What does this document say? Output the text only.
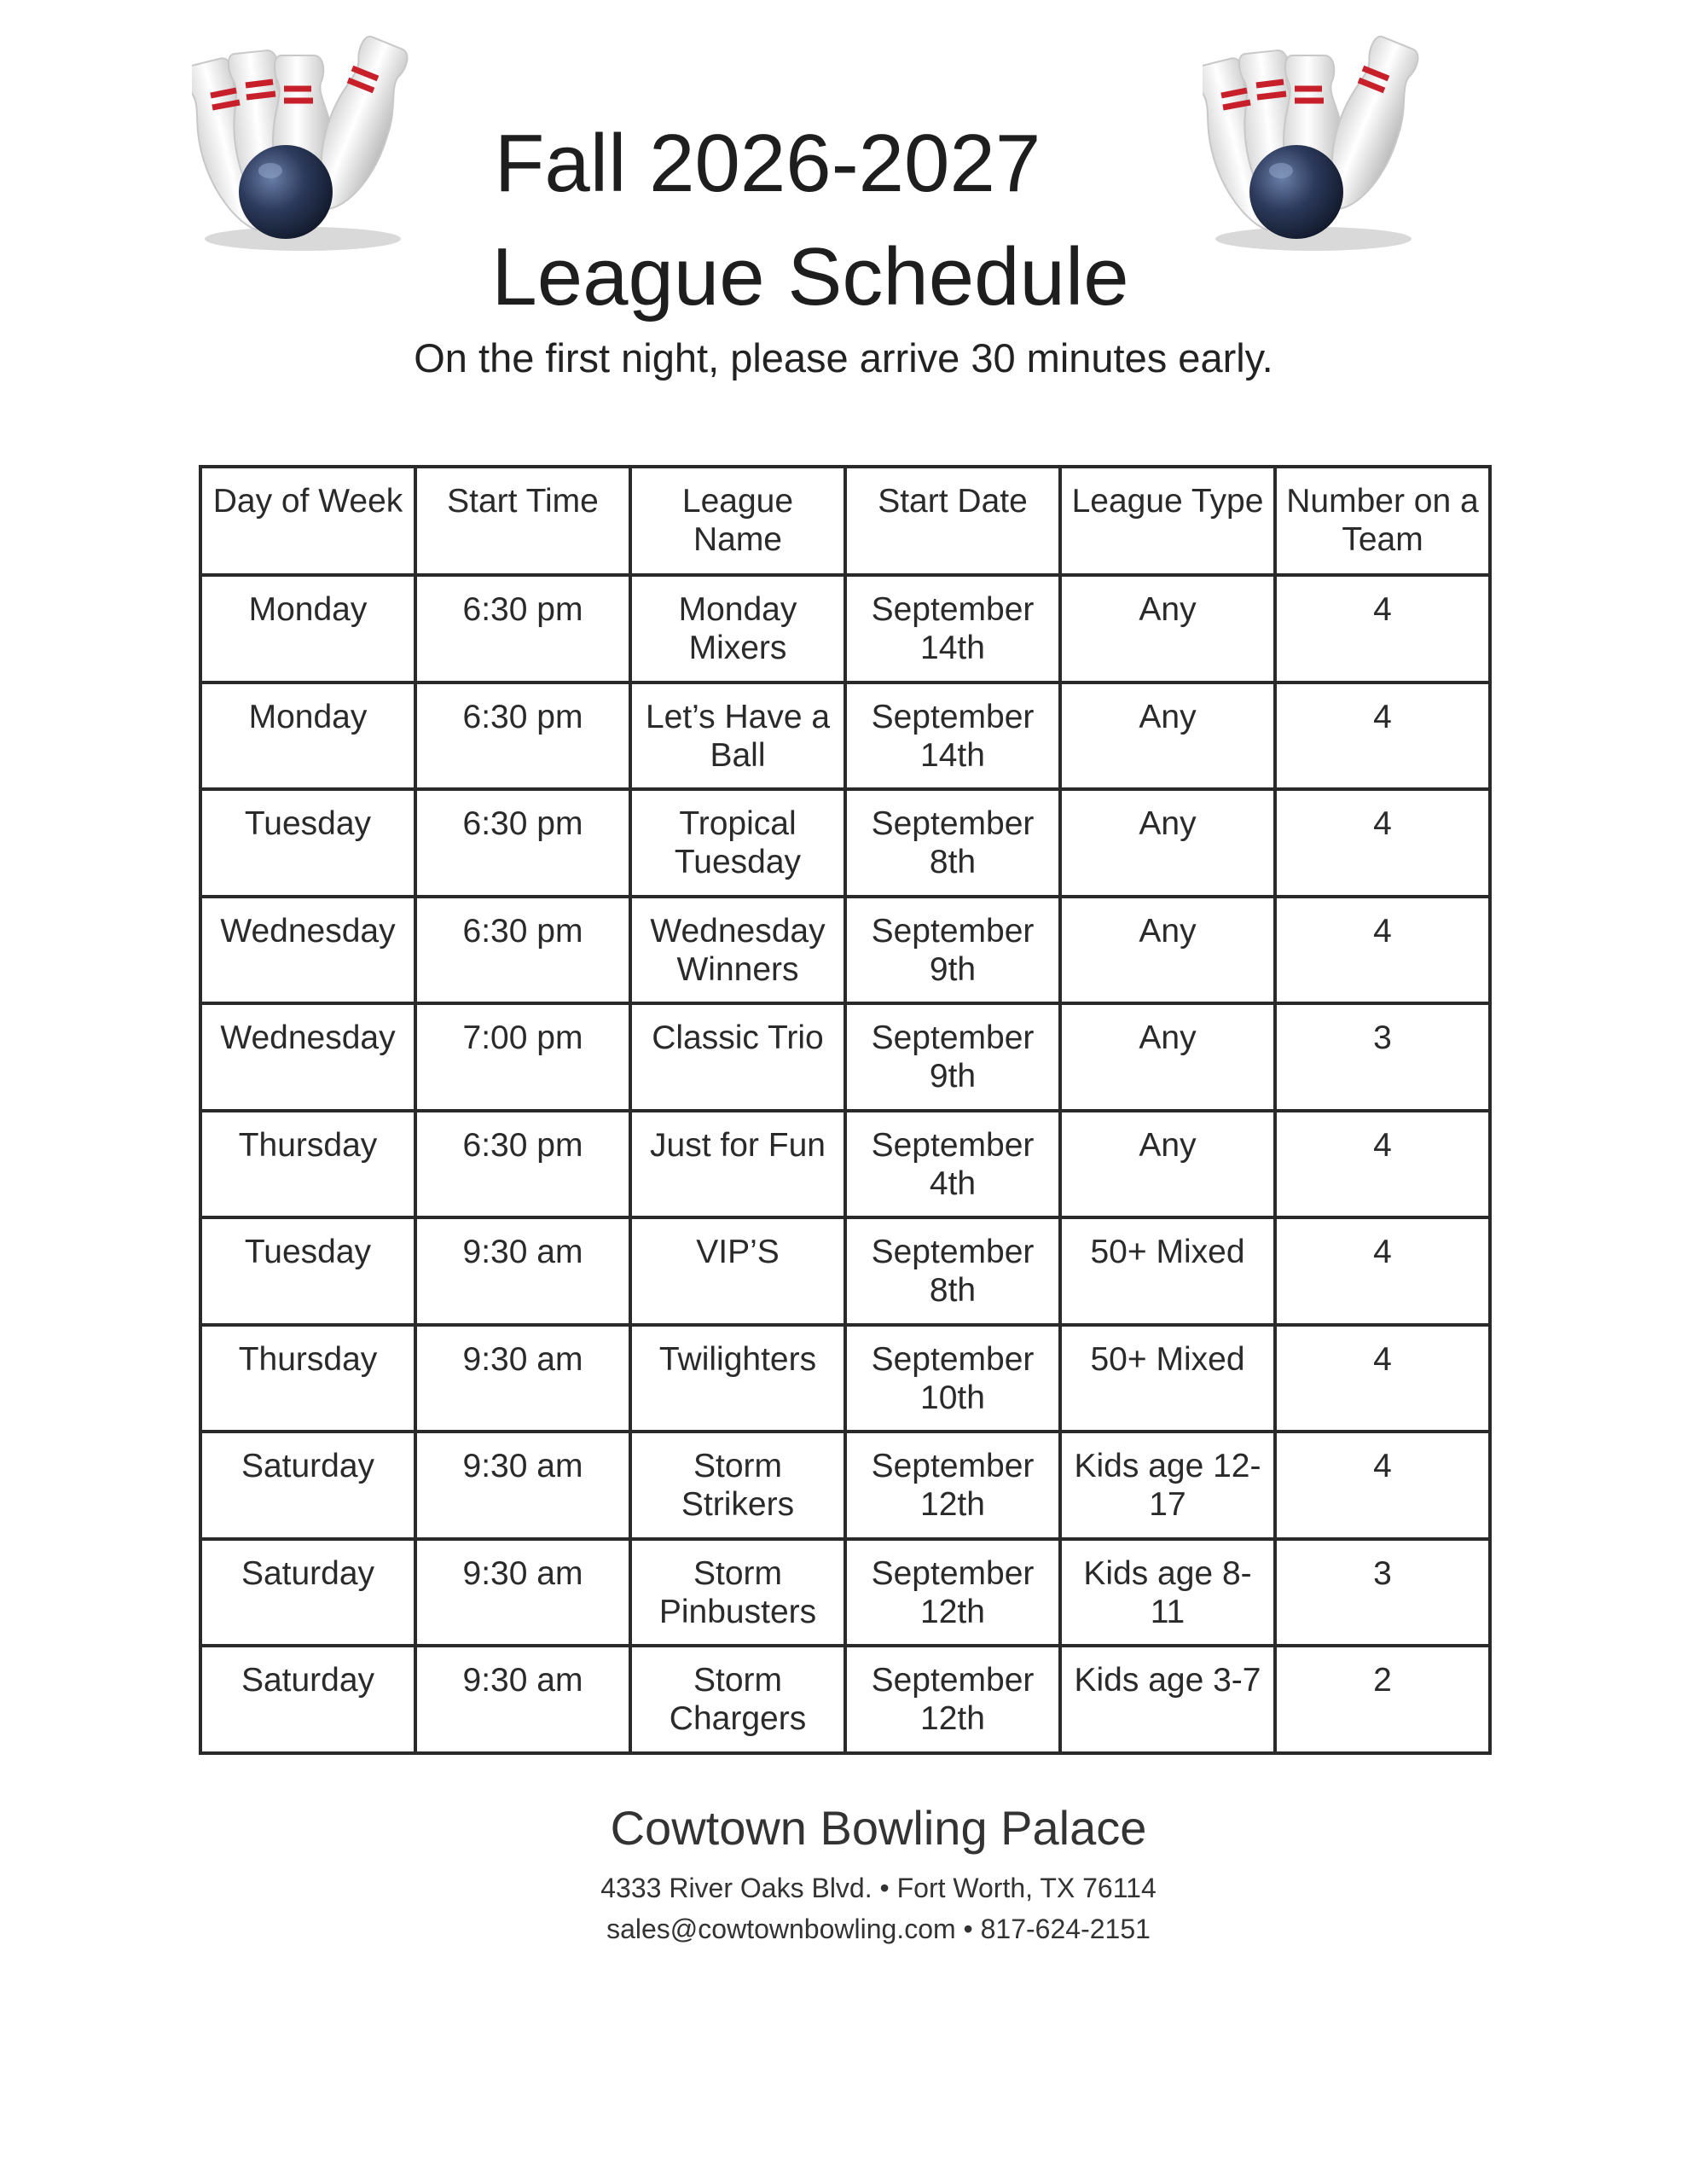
Fall 2026-2027
League Schedule
On the first night, please arrive 30 minutes early.
Day of Week	Start Time	League Name	Start Date	League Type	Number on a Team
Monday	6:30 pm	Monday Mixers	September 14th	Any	4
Monday	6:30 pm	Let’s Have a Ball	September 14th	Any	4
Tuesday	6:30 pm	Tropical Tuesday	September 8th	Any	4
Wednesday	6:30 pm	Wednesday Winners	September 9th	Any	4
Wednesday	7:00 pm	Classic Trio	September 9th	Any	3
Thursday	6:30 pm	Just for Fun	September 4th	Any	4
Tuesday	9:30 am	VIP’S	September 8th	50+ Mixed	4
Thursday	9:30 am	Twilighters	September 10th	50+ Mixed	4
Saturday	9:30 am	Storm Strikers	September 12th	Kids age 12-17	4
Saturday	9:30 am	Storm Pinbusters	September 12th	Kids age 8-11	3
Saturday	9:30 am	Storm Chargers	September 12th	Kids age 3-7	2
Cowtown Bowling Palace
4333 River Oaks Blvd. • Fort Worth, TX 76114
sales@cowtownbowling.com • 817-624-2151
